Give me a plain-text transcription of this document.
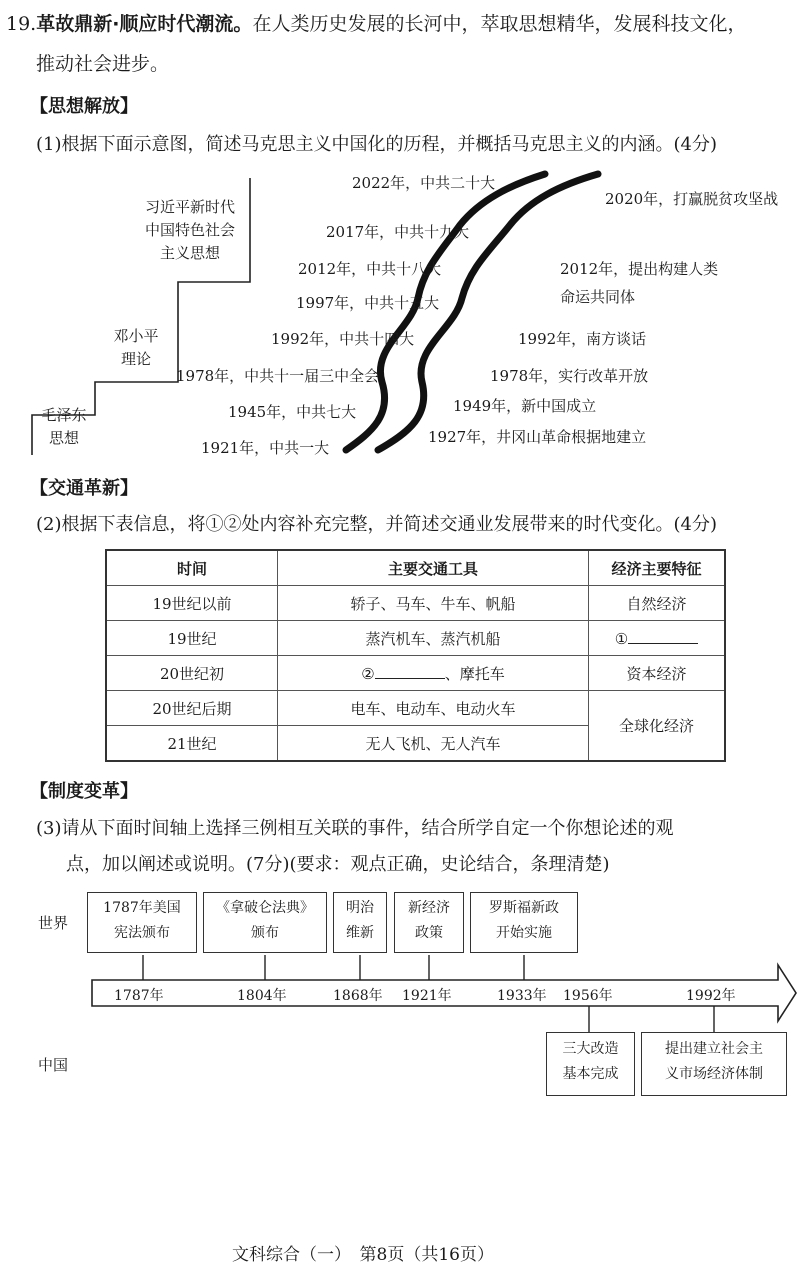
19.革故鼎新·顺应时代潮流。在人类历史发展的长河中，萃取思想精华，发展科技文化，
推动社会进步。
【思想解放】
(1)根据下面示意图，简述马克思主义中国化的历程，并概括马克思主义的内涵。(4分)
习近平新时代
中国特色社会
主义思想
邓小平
理论
毛泽东
思想
2022年，中共二十大
2017年，中共十九大
2012年，中共十八大
1997年，中共十五大
1992年，中共十四大
1978年，中共十一届三中全会
1945年，中共七大
1921年，中共一大
2020年，打赢脱贫攻坚战
2012年，提出构建人类
命运共同体
1992年，南方谈话
1978年，实行改革开放
1949年，新中国成立
1927年，井冈山革命根据地建立
【交通革新】
(2)根据下表信息，将①②处内容补充完整，并简述交通业发展带来的时代变化。(4分)
时间	主要交通工具	经济主要特征
19世纪以前	轿子、马车、牛车、帆船	自然经济
19世纪	蒸汽机车、蒸汽机船	①
20世纪初	② 、摩托车	资本经济
20世纪后期	电车、电动车、电动火车	全球化经济
21世纪	无人飞机、无人汽车	
【制度变革】
(3)请从下面时间轴上选择三例相互关联的事件，结合所学自定一个你想论述的观
点，加以阐述或说明。(7分)(要求：观点正确，史论结合，条理清楚)
世界
中国
1787年	1804年	1868年 1921年	1933年 1956年	1992年
1787年美国
宪法颁布
《拿破仑法典》
颁布
明治
维新
新经济
政策
罗斯福新政
开始实施
三大改造
基本完成
提出建立社会主
义市场经济体制
文科综合（一）　第8页（共16页）
